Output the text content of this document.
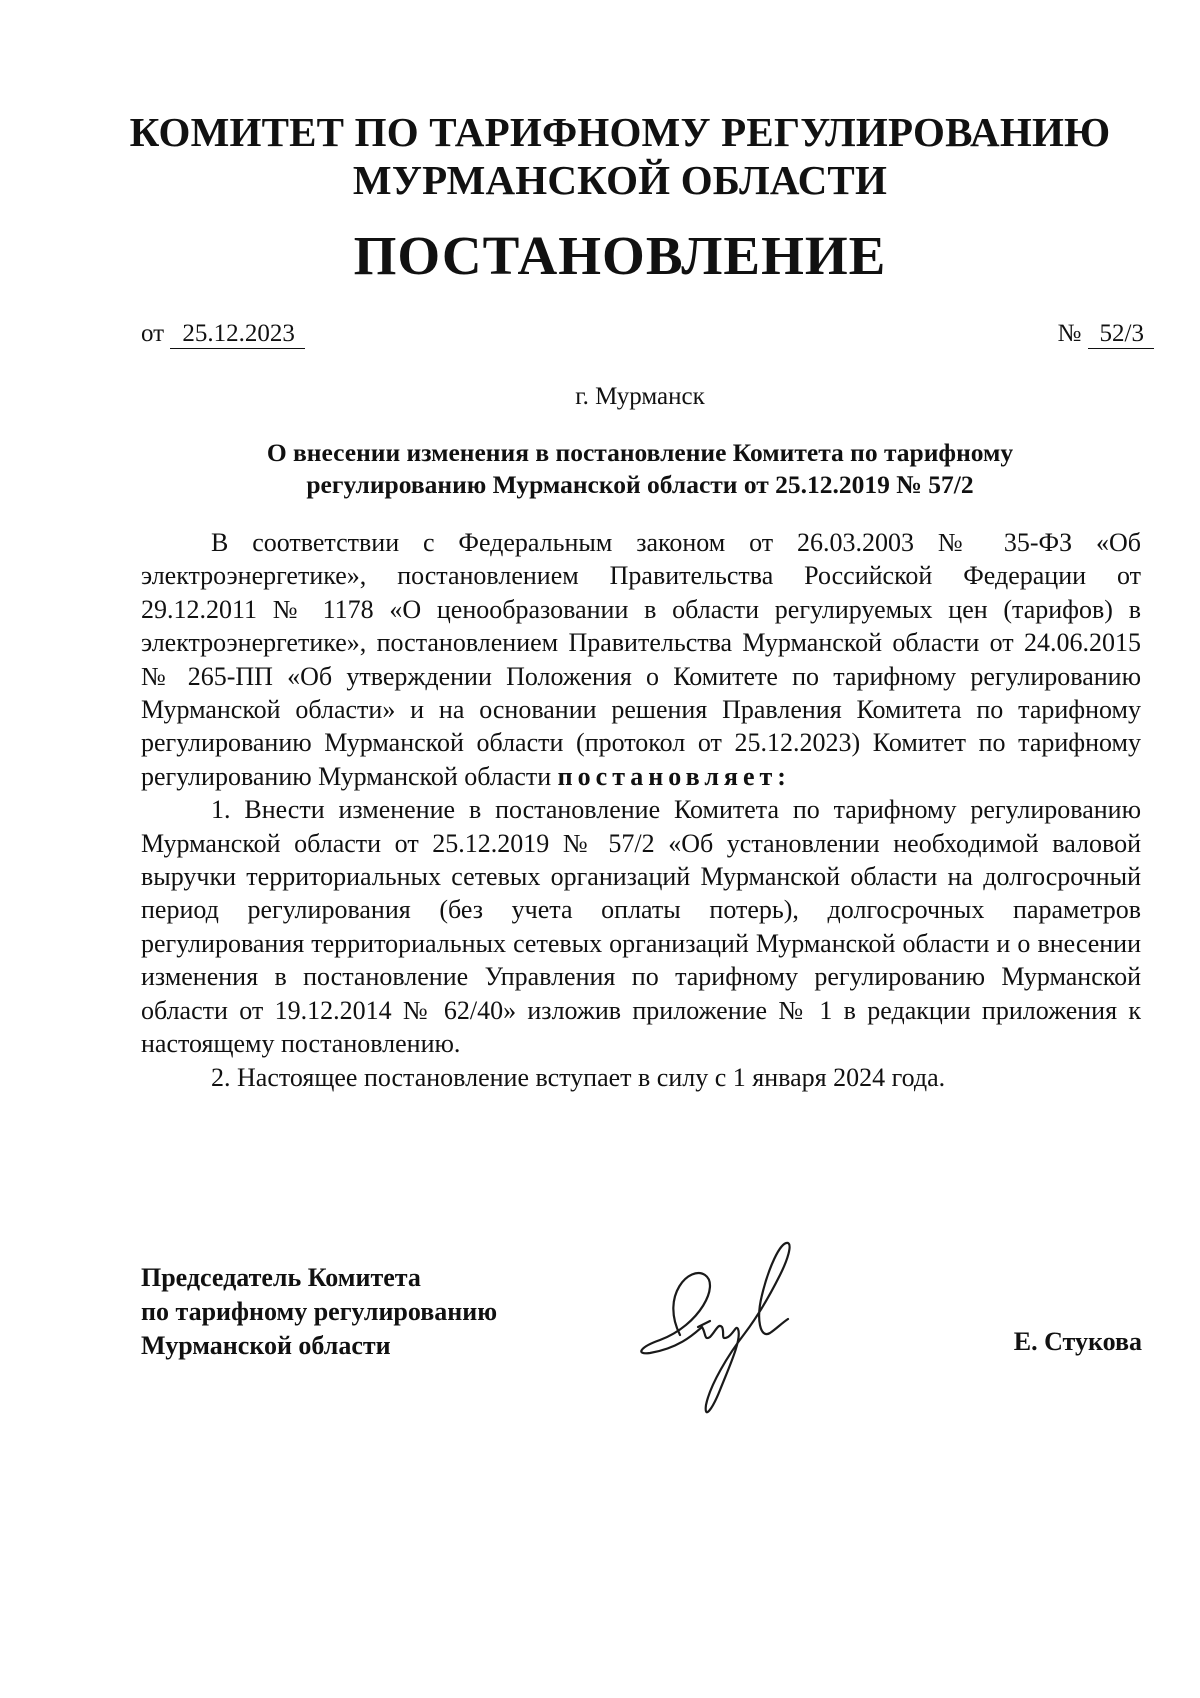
КОМИТЕТ ПО ТАРИФНОМУ РЕГУЛИРОВАНИЮ
МУРМАНСКОЙ ОБЛАСТИ
ПОСТАНОВЛЕНИЕ
от 25.12.2023	№ 52/3
г. Мурманск
О внесении изменения в постановление Комитета по тарифному
регулированию Мурманской области от 25.12.2019 № 57/2

В соответствии с Федеральным законом от 26.03.2003 № 35-ФЗ «Об электроэнергетике», постановлением Правительства Российской Федерации от 29.12.2011 № 1178 «О ценообразовании в области регулируемых цен (тарифов) в электроэнергетике», постановлением Правительства Мурманской области от 24.06.2015 № 265-ПП «Об утверждении Положения о Комитете по тарифному регулированию Мурманской области» и на основании решения Правления Комитета по тарифному регулированию Мурманской области (протокол от 25.12.2023) Комитет по тарифному регулированию Мурманской области постановляет:

1. Внести изменение в постановление Комитета по тарифному регулированию Мурманской области от 25.12.2019 № 57/2 «Об установлении необходимой валовой выручки территориальных сетевых организаций Мурманской области на долгосрочный период регулирования (без учета оплаты потерь), долгосрочных параметров регулирования территориальных сетевых организаций Мурманской области и о внесении изменения в постановление Управления по тарифному регулированию Мурманской области от 19.12.2014 № 62/40» изложив приложение № 1 в редакции приложения к настоящему постановлению.

2. Настоящее постановление вступает в силу с 1 января 2024 года.

Председатель Комитета
по тарифному регулированию
Мурманской области	Е. Стукова
